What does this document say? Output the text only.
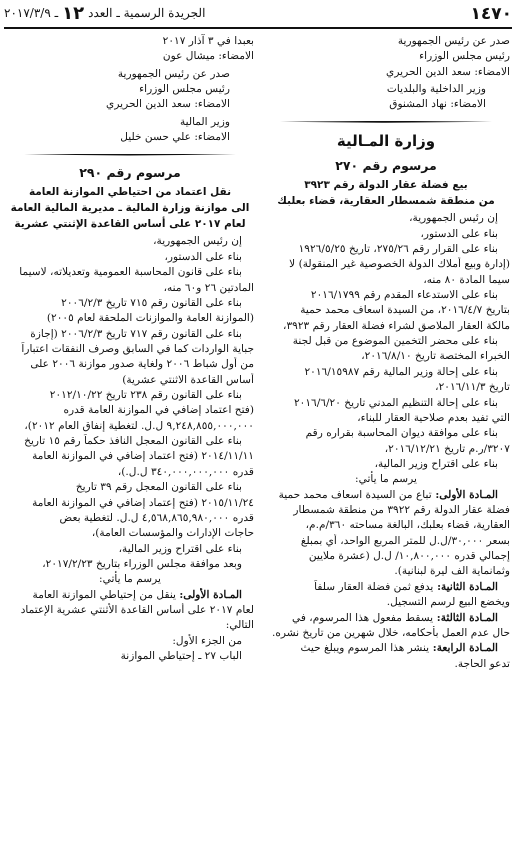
١٤٧٠
الجريدة الرسمية ـ العدد
١٢
ـ ٢٠١٧/٣/٩
صدر عن رئيس الجمهورية
رئيس مجلس الوزراء
الامضاء: سعد الدين الحريري
وزير الداخلية والبلديات
الامضاء: نهاد المشنوق
وزارة المـالية
مرسوم رقم ٢٧٠
بيع فضلة عقار الدولة رقم ٣٩٢٣
من منطقة شمسطار العقارية، قضاء بعلبك
إن رئيس الجمهورية،
بناء على الدستور،
بناء على القرار رقم ٢٧٥/٢٦، تاريخ ١٩٢٦/٥/٢٥
(إدارة وبيع أملاك الدولة الخصوصية غير المنقولة) لا
سيما المادة ٨٠ منه،
بناء على الاستدعاء المقدم رقم ٢٠١٦/١٧٩٩
بتاريخ ٢٠١٦/٤/٧، من السيدة اسعاف محمد حمية
مالكة العقار الملاصق لشراء فضلة العقار رقم ٣٩٢٣،
بناء على محضر التخمين الموضوع من قبل لجنة
الخبراء المختصة تاريخ ٢٠١٦/٨/١٠،
بناء على إحالة وزير المالية رقم ٢٠١٦/١٥٩٨٧
تاريخ ٢٠١٦/١١/٣،
بناء على إحالة التنظيم المدني تاريخ ٢٠١٦/٦/٢٠
التي تفيد بعدم صلاحية العقار للبناء،
بناء على موافقة ديوان المحاسبة بقراره رقم
٣٢٠٧/ر.م تاريخ ٢٠١٦/١٢/٢١،
بناء على اقتراح وزير المالية،
يرسم ما يأتي:
المـادة الأولى: تباع من السيدة اسعاف محمد حمية
فضلة عقار الدولة رقم ٣٩٢٢ من منطقة شمسطار
العقارية، قضاء بعلبك، البالغة مساحته ٣٦٠/م.م،
بسعر ٣٠,٠٠٠/ل.ل للمتر المربع الواحد، أي بمبلغ
إجمالي قدره ١٠,٨٠٠,٠٠٠/ ل.ل (عشرة ملايين
وثمانماية الف ليرة لبنانية).
المـادة الثانية: يدفع ثمن فضلة العقار سلفاً
ويخضع البيع لرسم التسجيل.
المـادة الثالثة: يسقط مفعول هذا المرسوم، في
حال عدم العمل بأحكامه، خلال شهرين من تاريخ نشره.
المـادة الرابعة: ينشر هذا المرسوم ويبلغ حيث
تدعو الحاجة.
بعبدا في ٣ آذار ٢٠١٧
الامضاء: ميشال عون
صدر عن رئيس الجمهورية
رئيس مجلس الوزراء
الامضاء: سعد الدين الحريري
وزير المالية
الامضاء: علي حسن خليل
مرسوم رقم ٢٩٠
نقل اعتماد من احتياطي الموازنة العامة
الى موازنة وزارة المالية ـ مديرية المالية العامة
لعام ٢٠١٧ على أساس القاعدة الإثنتي عشرية
إن رئيس الجمهورية،
بناء على الدستور،
بناء على قانون المحاسبة العمومية وتعديلاته، لاسيما
المادتين ٢٦ و٦٠ منه،
بناء على القانون رقم ٧١٥ تاريخ ٢٠٠٦/٢/٣
(الموازنة العامة والموازنات الملحقة لعام ٢٠٠٥)
بناء على القانون رقم ٧١٧ تاريخ ٢٠٠٦/٢/٣ (إجازة
جباية الواردات كما في السابق وصرف النفقات اعتباراً
من أول شباط ٢٠٠٦ ولغاية صدور موازنة ٢٠٠٦ على
أساس القاعدة الاثنتي عشرية)
بناء على القانون رقم ٢٣٨ تاريخ ٢٠١٢/١٠/٢٢
(فتح اعتماد إضافي في الموازنة العامة قدره
٩,٢٤٨,٨٥٥,٠٠٠,٠٠٠ ل.ل. لتغطية إنفاق العام ٢٠١٢)،
بناء على القانون المعجل النافذ حكماً رقم ١٥ تاريخ
٢٠١٤/١١/١١ (فتح اعتماد إضافي في الموازنة العامة
قدره ٣٤٠,٠٠٠,٠٠٠,٠٠٠ ل.ل.)،
بناء على القانون المعجل رقم ٣٩ تاريخ
٢٠١٥/١١/٢٤ (فتح إعتماد إضافي في الموازنة العامة
قدره ٤,٥٦٨,٨٦٥,٩٨٠,٠٠٠ ل.ل. لتغطية بعض
حاجات الإدارات والمؤسسات العامة)،
بناء على اقتراح وزير المالية،
وبعد موافقة مجلس الوزراء بتاريخ ٢٠١٧/٢/٢٣،
يرسم ما يأتي:
المـادة الأولى: ينقل من إحتياطي الموازنة العامة
لعام ٢٠١٧ على أساس القاعدة الأثنتي عشرية الإعتماد
التالي:
من الجزء الأول:
الباب ٢٧ ـ إحتياطي الموازنة
